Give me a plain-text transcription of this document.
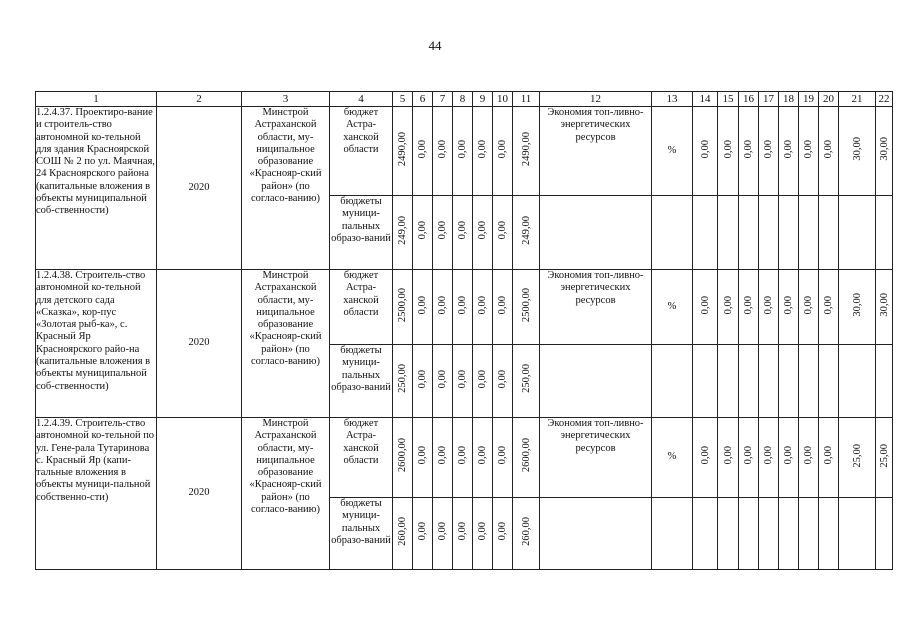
44
1	2	3	4	5	6	7	8	9	10	11	12	13	14	15	16	17	18	19	20	21	22
1.2.4.37. Проектиро-вание и строитель-ство автономной ко-тельной для здания Красноярской СОШ № 2 по ул. Маячная, 24 Красноярского района (капитальные вложения в объекты муниципальной соб-ственности)	2020	Минстрой Астраханской области, му-ниципальное образование «Краснояр-ский район» (по согласо-ванию)	бюджет Астра-ханской области	2490,00	0,00	0,00	0,00	0,00	0,00	2490,00	Экономия топ-ливно-энергетических ресурсов	%	0,00	0,00	0,00	0,00	0,00	0,00	0,00	30,00	30,00
			бюджеты муници-пальных образо-ваний	249,00	0,00	0,00	0,00	0,00	0,00	249,00											
1.2.4.38. Строитель-ство автономной ко-тельной для детского сада «Сказка», кор-пус «Золотая рыб-ка», с. Красный Яр Красноярского райо-на (капитальные вложения в объекты муниципальной соб-ственности)	2020	Минстрой Астраханской области, му-ниципальное образование «Краснояр-ский район» (по согласо-ванию)	бюджет Астра-ханской области	2500,00	0,00	0,00	0,00	0,00	0,00	2500,00	Экономия топ-ливно-энергетических ресурсов	%	0,00	0,00	0,00	0,00	0,00	0,00	0,00	30,00	30,00
			бюджеты муници-пальных образо-ваний	250,00	0,00	0,00	0,00	0,00	0,00	250,00											
1.2.4.39. Строитель-ство автономной ко-тельной по ул. Гене-рала Тутаринова с. Красный Яр (капи-тальные вложения в объекты муници-пальной собственно-сти)	2020	Минстрой Астраханской области, му-ниципальное образование «Краснояр-ский район» (по согласо-ванию)	бюджет Астра-ханской области	2600,00	0,00	0,00	0,00	0,00	0,00	2600,00	Экономия топ-ливно-энергетических ресурсов	%	0,00	0,00	0,00	0,00	0,00	0,00	0,00	25,00	25,00
			бюджеты муници-пальных образо-ваний	260,00	0,00	0,00	0,00	0,00	0,00	260,00											
